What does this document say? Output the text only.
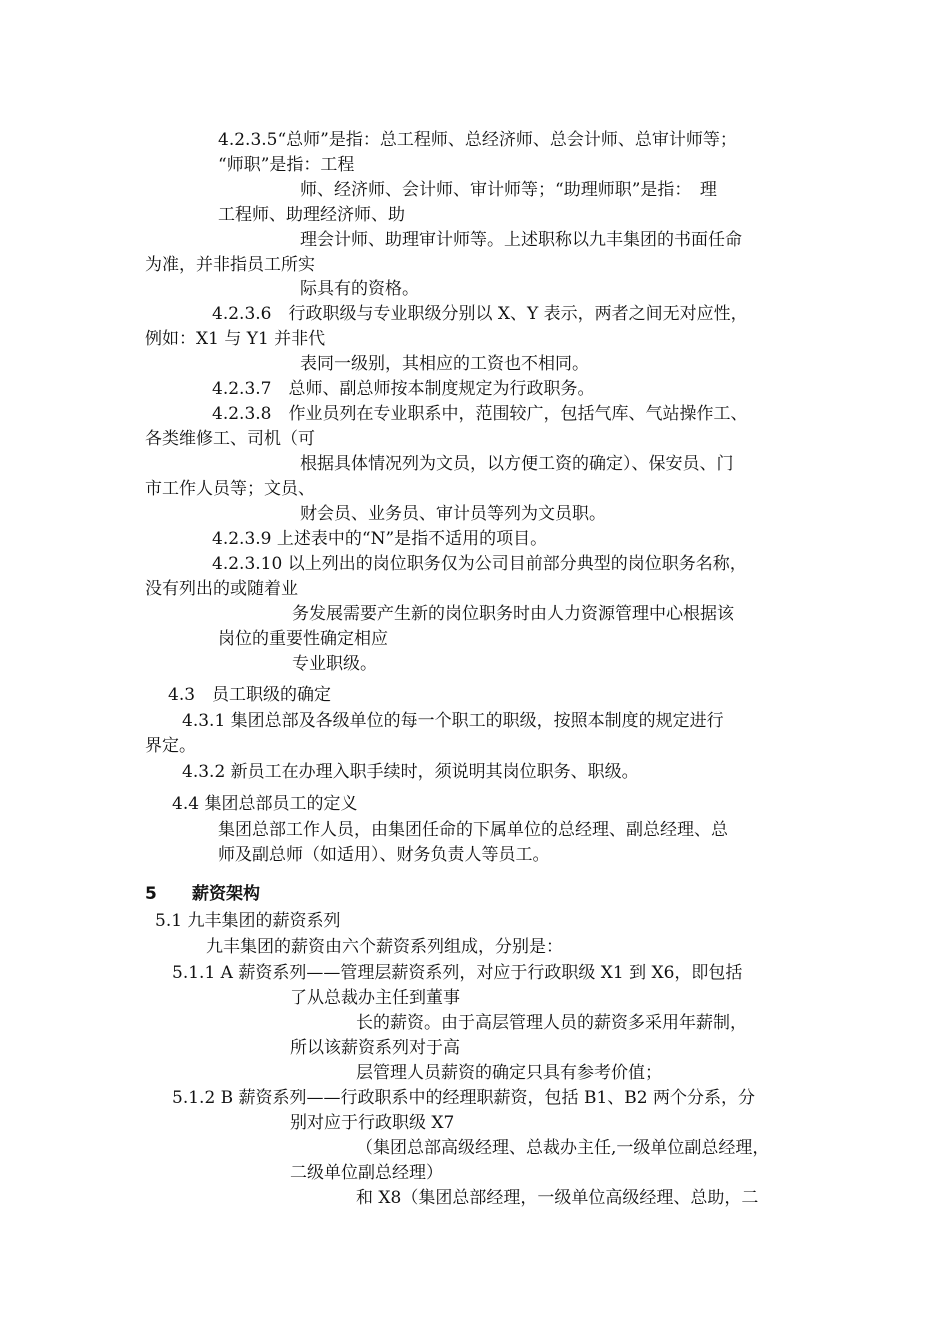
4.2.3.5“总师”是指：总工程师、总经济师、总会计师、总审计师等；
“师职”是指：工程
师、经济师、会计师、审计师等；“助理师职”是指：　理
工程师、助理经济师、助
理会计师、助理审计师等。上述职称以九丰集团的书面任命
为准，并非指员工所实
际具有的资格。
4.2.3.6　行政职级与专业职级分别以 X、Y 表示，两者之间无对应性，
例如：X1 与 Y1 并非代
表同一级别，其相应的工资也不相同。
4.2.3.7　总师、副总师按本制度规定为行政职务。
4.2.3.8　作业员列在专业职系中，范围较广，包括气库、气站操作工、
各类维修工、司机（可
根据具体情况列为文员，以方便工资的确定）、保安员、门
市工作人员等；文员、
财会员、业务员、审计员等列为文员职。
4.2.3.9 上述表中的“N”是指不适用的项目。
4.2.3.10 以上列出的岗位职务仅为公司目前部分典型的岗位职务名称，
没有列出的或随着业
务发展需要产生新的岗位职务时由人力资源管理中心根据该
岗位的重要性确定相应
专业职级。
4.3　员工职级的确定
4.3.1 集团总部及各级单位的每一个职工的职级，按照本制度的规定进行
界定。
4.3.2 新员工在办理入职手续时，须说明其岗位职务、职级。
4.4 集团总部员工的定义
集团总部工作人员，由集团任命的下属单位的总经理、副总经理、总
师及副总师（如适用）、财务负责人等员工。
5 薪资架构
5.1 九丰集团的薪资系列
九丰集团的薪资由六个薪资系列组成，分别是：
5.1.1 A 薪资系列——管理层薪资系列，对应于行政职级 X1 到 X6，即包括
了从总裁办主任到董事
长的薪资。由于高层管理人员的薪资多采用年薪制，
所以该薪资系列对于高
层管理人员薪资的确定只具有参考价值；
5.1.2 B 薪资系列——行政职系中的经理职薪资，包括 B1、B2 两个分系，分
别对应于行政职级 X7
（集团总部高级经理、总裁办主任,一级单位副总经理，
二级单位副总经理）
和 X8（集团总部经理，一级单位高级经理、总助，二
